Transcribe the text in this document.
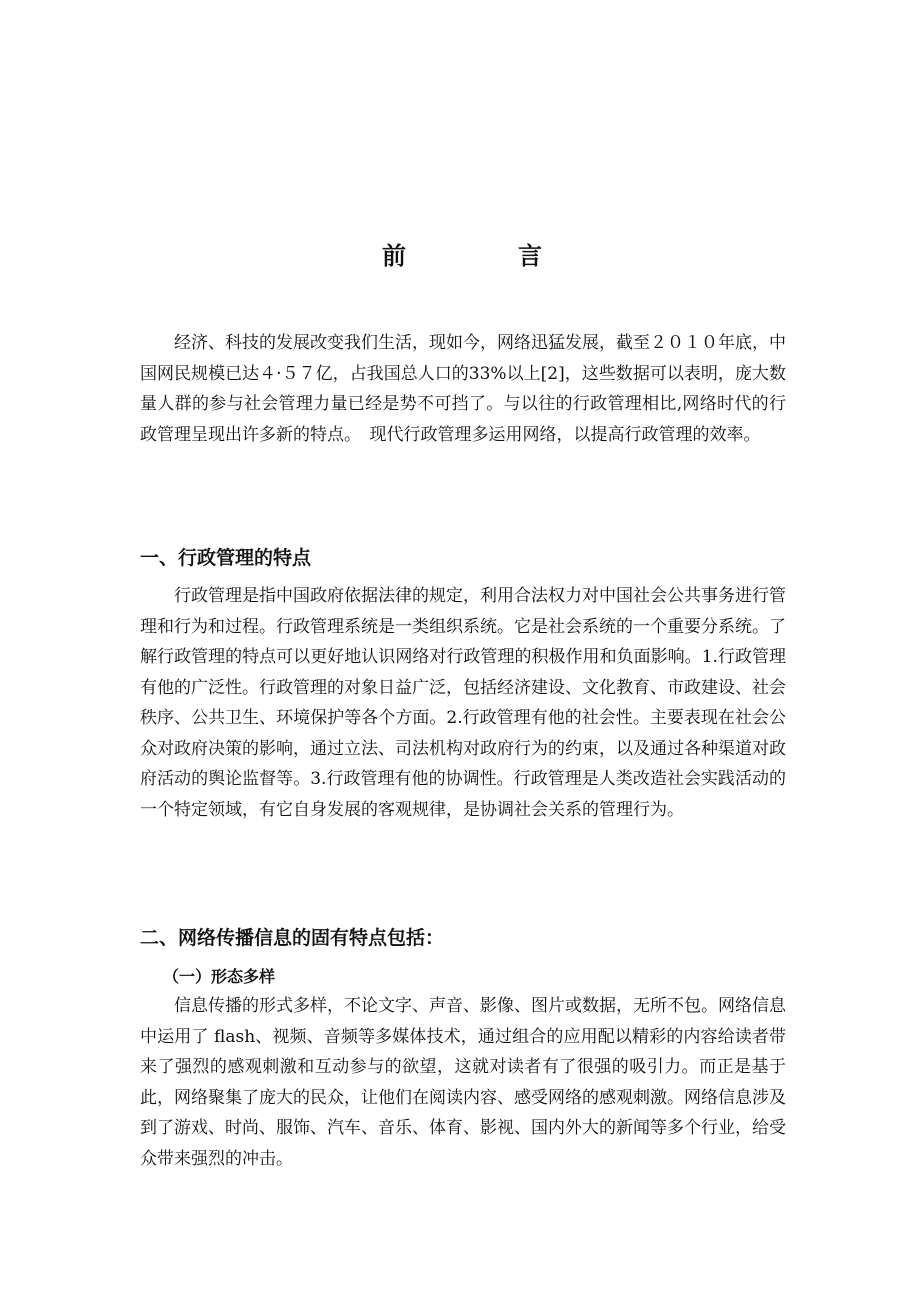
前　言

经济、科技的发展改变我们生活，现如今，网络迅猛发展，截至２０１０年底，中国网民规模已达４·５７亿，占我国总人口的33%以上[2]，这些数据可以表明，庞大数量人群的参与社会管理力量已经是势不可挡了。与以往的行政管理相比,网络时代的行政管理呈现出许多新的特点。　现代行政管理多运用网络，以提高行政管理的效率。

一、行政管理的特点

行政管理是指中国政府依据法律的规定，利用合法权力对中国社会公共事务进行管理和行为和过程。行政管理系统是一类组织系统。它是社会系统的一个重要分系统。了解行政管理的特点可以更好地认识网络对行政管理的积极作用和负面影响。1.行政管理有他的广泛性。行政管理的对象日益广泛，包括经济建设、文化教育、市政建设、社会秩序、公共卫生、环境保护等各个方面。2.行政管理有他的社会性。主要表现在社会公众对政府决策的影响，通过立法、司法机构对政府行为的约束，以及通过各种渠道对政府活动的舆论监督等。3.行政管理有他的协调性。行政管理是人类改造社会实践活动的一个特定领域，有它自身发展的客观规律，是协调社会关系的管理行为。

二、网络传播信息的固有特点包括：
（一）形态多样

信息传播的形式多样，不论文字、声音、影像、图片或数据，无所不包。网络信息中运用了 flash、视频、音频等多媒体技术，通过组合的应用配以精彩的内容给读者带来了强烈的感观刺激和互动参与的欲望，这就对读者有了很强的吸引力。而正是基于此，网络聚集了庞大的民众，让他们在阅读内容、感受网络的感观刺激。网络信息涉及到了游戏、时尚、服饰、汽车、音乐、体育、影视、国内外大的新闻等多个行业，给受众带来强烈的冲击。
